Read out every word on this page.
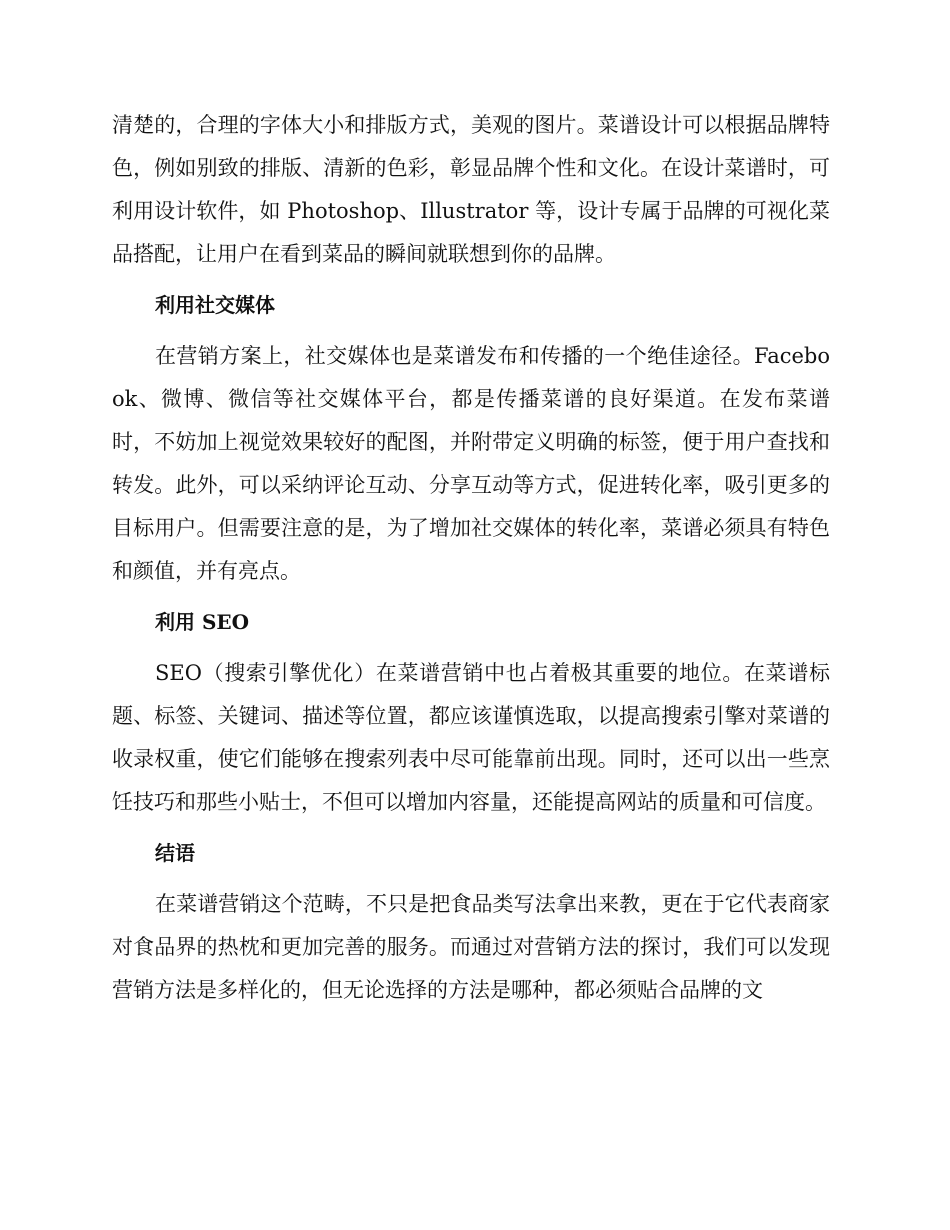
清楚的，合理的字体大小和排版方式，美观的图片。菜谱设计可以根据品牌特色，例如别致的排版、清新的色彩，彰显品牌个性和文化。在设计菜谱时，可利用设计软件，如 Photoshop、Illustrator 等，设计专属于品牌的可视化菜品搭配，让用户在看到菜品的瞬间就联想到你的品牌。

利用社交媒体

在营销方案上，社交媒体也是菜谱发布和传播的一个绝佳途径。Facebook、微博、微信等社交媒体平台，都是传播菜谱的良好渠道。在发布菜谱时，不妨加上视觉效果较好的配图，并附带定义明确的标签，便于用户查找和转发。此外，可以采纳评论互动、分享互动等方式，促进转化率，吸引更多的目标用户。但需要注意的是，为了增加社交媒体的转化率，菜谱必须具有特色和颜值，并有亮点。

利用 SEO

SEO（搜索引擎优化）在菜谱营销中也占着极其重要的地位。在菜谱标题、标签、关键词、描述等位置，都应该谨慎选取，以提高搜索引擎对菜谱的收录权重，使它们能够在搜索列表中尽可能靠前出现。同时，还可以出一些烹饪技巧和那些小贴士，不但可以增加内容量，还能提高网站的质量和可信度。

结语

在菜谱营销这个范畴，不只是把食品类写法拿出来教，更在于它代表商家对食品界的热枕和更加完善的服务。而通过对营销方法的探讨，我们可以发现营销方法是多样化的，但无论选择的方法是哪种，都必须贴合品牌的文
